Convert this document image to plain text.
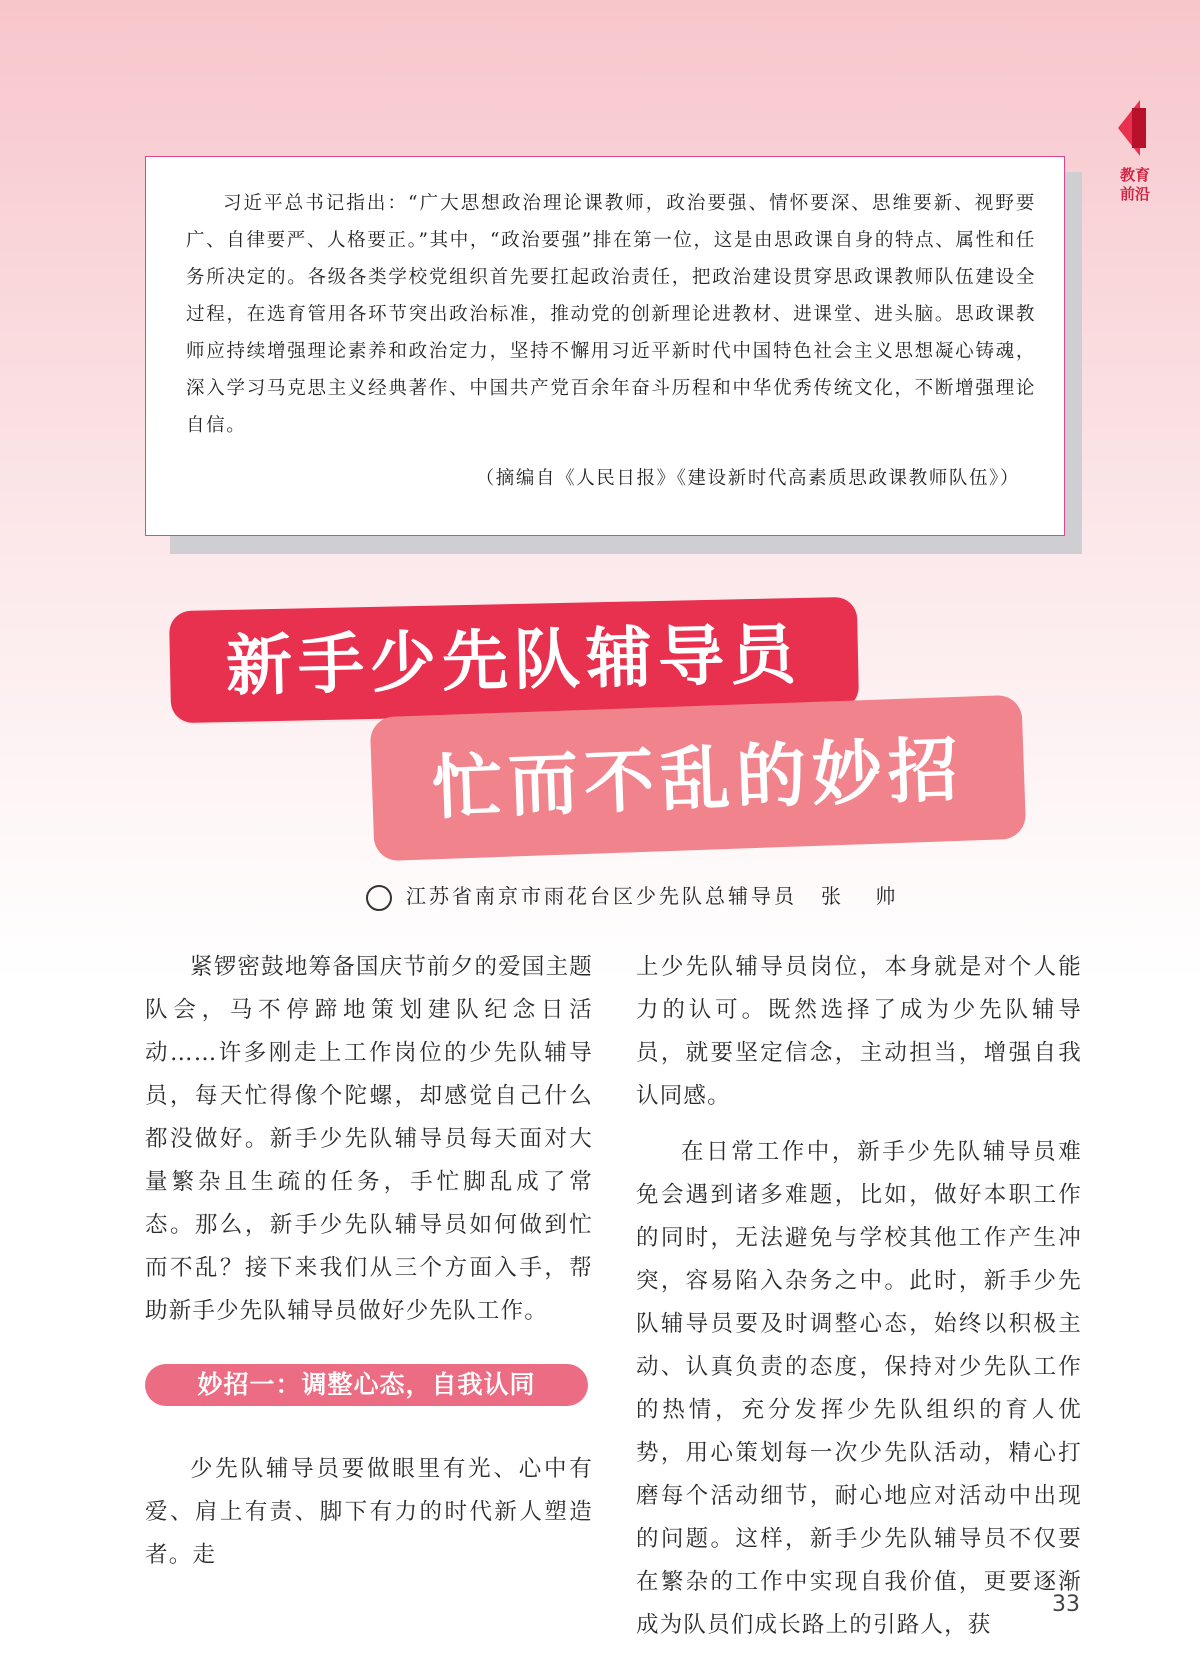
教育前沿
习近平总书记指出：“广大思想政治理论课教师，政治要强、情怀要深、思维要新、视野要广、自律要严、人格要正。”其中，“政治要强”排在第一位，这是由思政课自身的特点、属性和任务所决定的。各级各类学校党组织首先要扛起政治责任，把政治建设贯穿思政课教师队伍建设全过程，在选育管用各环节突出政治标准，推动党的创新理论进教材、进课堂、进头脑。思政课教师应持续增强理论素养和政治定力，坚持不懈用习近平新时代中国特色社会主义思想凝心铸魂，深入学习马克思主义经典著作、中国共产党百余年奋斗历程和中华优秀传统文化，不断增强理论自信。
（摘编自《人民日报》《建设新时代高素质思政课教师队伍》）
新手少先队辅导员
忙而不乱的妙招
江苏省南京市雨花台区少先队总辅导员 张 帅

紧锣密鼓地筹备国庆节前夕的爱国主题队会，马不停蹄地策划建队纪念日活动……许多刚走上工作岗位的少先队辅导员，每天忙得像个陀螺，却感觉自己什么都没做好。新手少先队辅导员每天面对大量繁杂且生疏的任务，手忙脚乱成了常态。那么，新手少先队辅导员如何做到忙而不乱？接下来我们从三个方面入手，帮助新手少先队辅导员做好少先队工作。

妙招一：调整心态，自我认同

少先队辅导员要做眼里有光、心中有爱、肩上有责、脚下有力的时代新人塑造者。走

上少先队辅导员岗位，本身就是对个人能力的认可。既然选择了成为少先队辅导员，就要坚定信念，主动担当，增强自我认同感。

在日常工作中，新手少先队辅导员难免会遇到诸多难题，比如，做好本职工作的同时，无法避免与学校其他工作产生冲突，容易陷入杂务之中。此时，新手少先队辅导员要及时调整心态，始终以积极主动、认真负责的态度，保持对少先队工作的热情，充分发挥少先队组织的育人优势，用心策划每一次少先队活动，精心打磨每个活动细节，耐心地应对活动中出现的问题。这样，新手少先队辅导员不仅要在繁杂的工作中实现自我价值，更要逐渐成为队员们成长路上的引路人，获

33
